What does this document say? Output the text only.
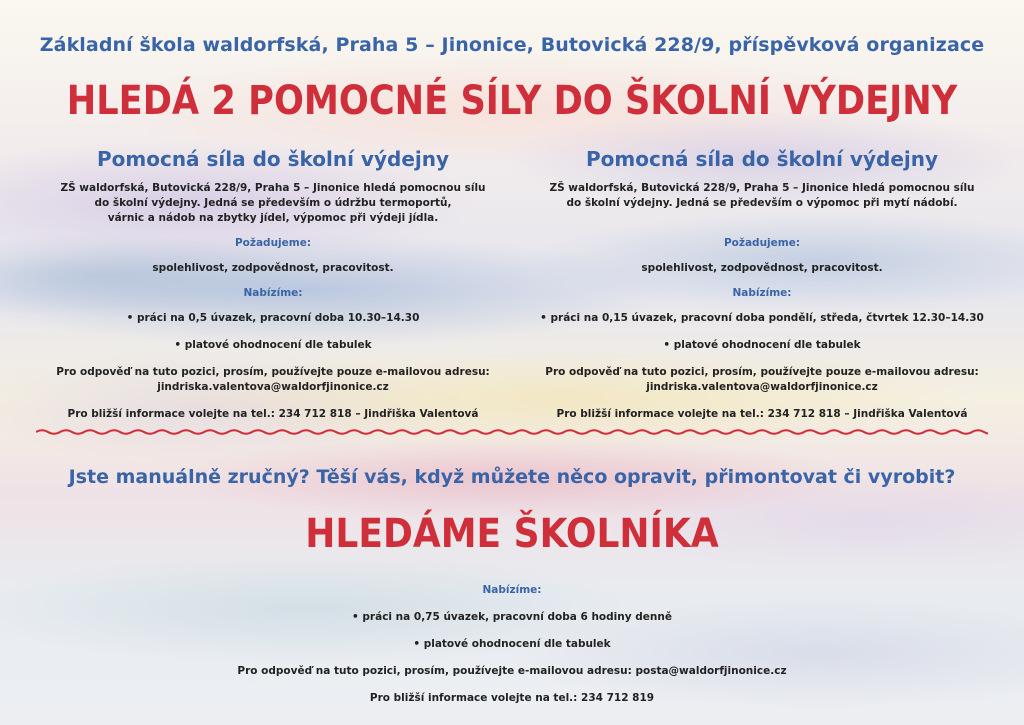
Základní škola waldorfská, Praha 5 – Jinonice, Butovická 228/9, příspěvková organizace
HLEDÁ 2 POMOCNÉ SÍLY DO ŠKOLNÍ VÝDEJNY
Pomocná síla do školní výdejny
ZŠ waldorfská, Butovická 228/9, Praha 5 – Jinonice hledá pomocnou sílu
do školní výdejny. Jedná se především o údržbu termoportů,
várnic a nádob na zbytky jídel, výpomoc při výdeji jídla.
Požadujeme:
spolehlivost, zodpovědnost, pracovitost.
Nabízíme:
• práci na 0,5 úvazek, pracovní doba 10.30–14.30
• platové ohodnocení dle tabulek
Pro odpověď na tuto pozici, prosím, používejte pouze e-mailovou adresu:
jindriska.valentova@waldorfjinonice.cz
Pro bližší informace volejte na tel.: 234 712 818 – Jindřiška Valentová
Pomocná síla do školní výdejny
ZŠ waldorfská, Butovická 228/9, Praha 5 – Jinonice hledá pomocnou sílu
do školní výdejny. Jedná se především o výpomoc při mytí nádobí.
Požadujeme:
spolehlivost, zodpovědnost, pracovitost.
Nabízíme:
• práci na 0,15 úvazek, pracovní doba pondělí, středa, čtvrtek 12.30–14.30
• platové ohodnocení dle tabulek
Pro odpověď na tuto pozici, prosím, používejte pouze e-mailovou adresu:
jindriska.valentova@waldorfjinonice.cz
Pro bližší informace volejte na tel.: 234 712 818 – Jindřiška Valentová
Jste manuálně zručný? Těší vás, když můžete něco opravit, přimontovat či vyrobit?
HLEDÁME ŠKOLNÍKA
Nabízíme:
• práci na 0,75 úvazek, pracovní doba 6 hodiny denně
• platové ohodnocení dle tabulek
Pro odpověď na tuto pozici, prosím, používejte e-mailovou adresu: posta@waldorfjinonice.cz
Pro bližší informace volejte na tel.: 234 712 819
